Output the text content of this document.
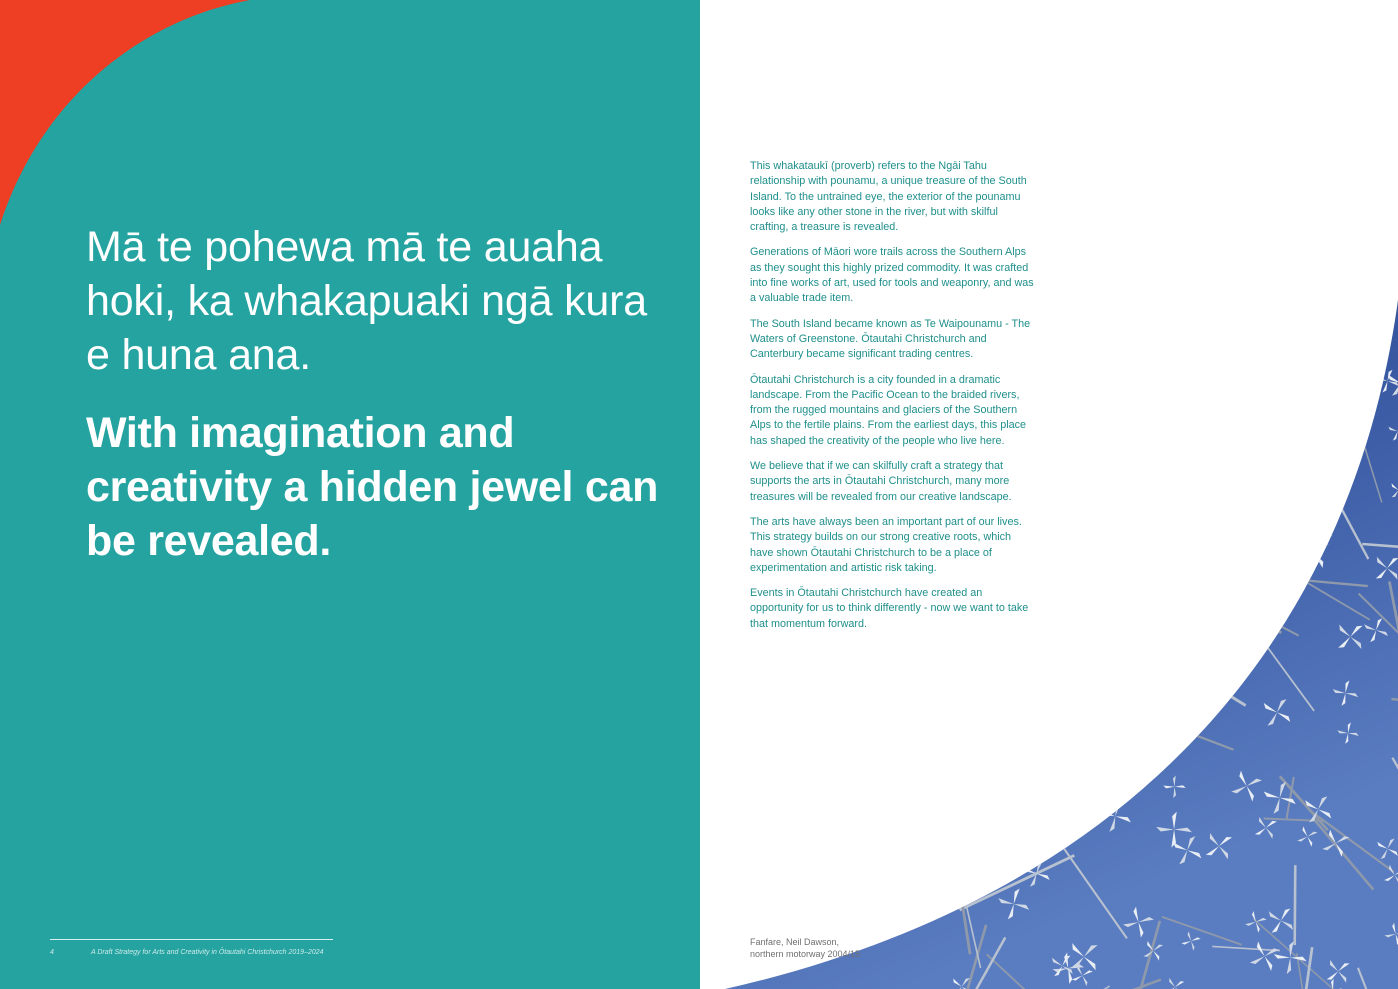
Mā te pohewa mā te auaha hoki, ka whakapuaki ngā kura e huna ana.
With imagination and creativity a hidden jewel can be revealed.
4	A Draft Strategy for Arts and Creativity in Ōtautahi Christchurch 2019–2024

This whakataukī (proverb) refers to the Ngāi Tahu relationship with pounamu, a unique treasure of the South Island. To the untrained eye, the exterior of the pounamu looks like any other stone in the river, but with skilful crafting, a treasure is revealed.

Generations of Māori wore trails across the Southern Alps as they sought this highly prized commodity. It was crafted into fine works of art, used for tools and weaponry, and was a valuable trade item.

The South Island became known as Te Waipounamu - The Waters of Greenstone. Ōtautahi Christchurch and Canterbury became significant trading centres.

Ōtautahi Christchurch is a city founded in a dramatic landscape. From the Pacific Ocean to the braided rivers, from the rugged mountains and glaciers of the Southern Alps to the fertile plains. From the earliest days, this place has shaped the creativity of the people who live here.

We believe that if we can skilfully craft a strategy that supports the arts in Ōtautahi Christchurch, many more treasures will be revealed from our creative landscape.

The arts have always been an important part of our lives. This strategy builds on our strong creative roots, which have shown Ōtautahi Christchurch to be a place of experimentation and artistic risk taking.

Events in Ōtautahi Christchurch have created an opportunity for us to think differently - now we want to take that momentum forward.

Fanfare, Neil Dawson,
northern motorway 2004/15
